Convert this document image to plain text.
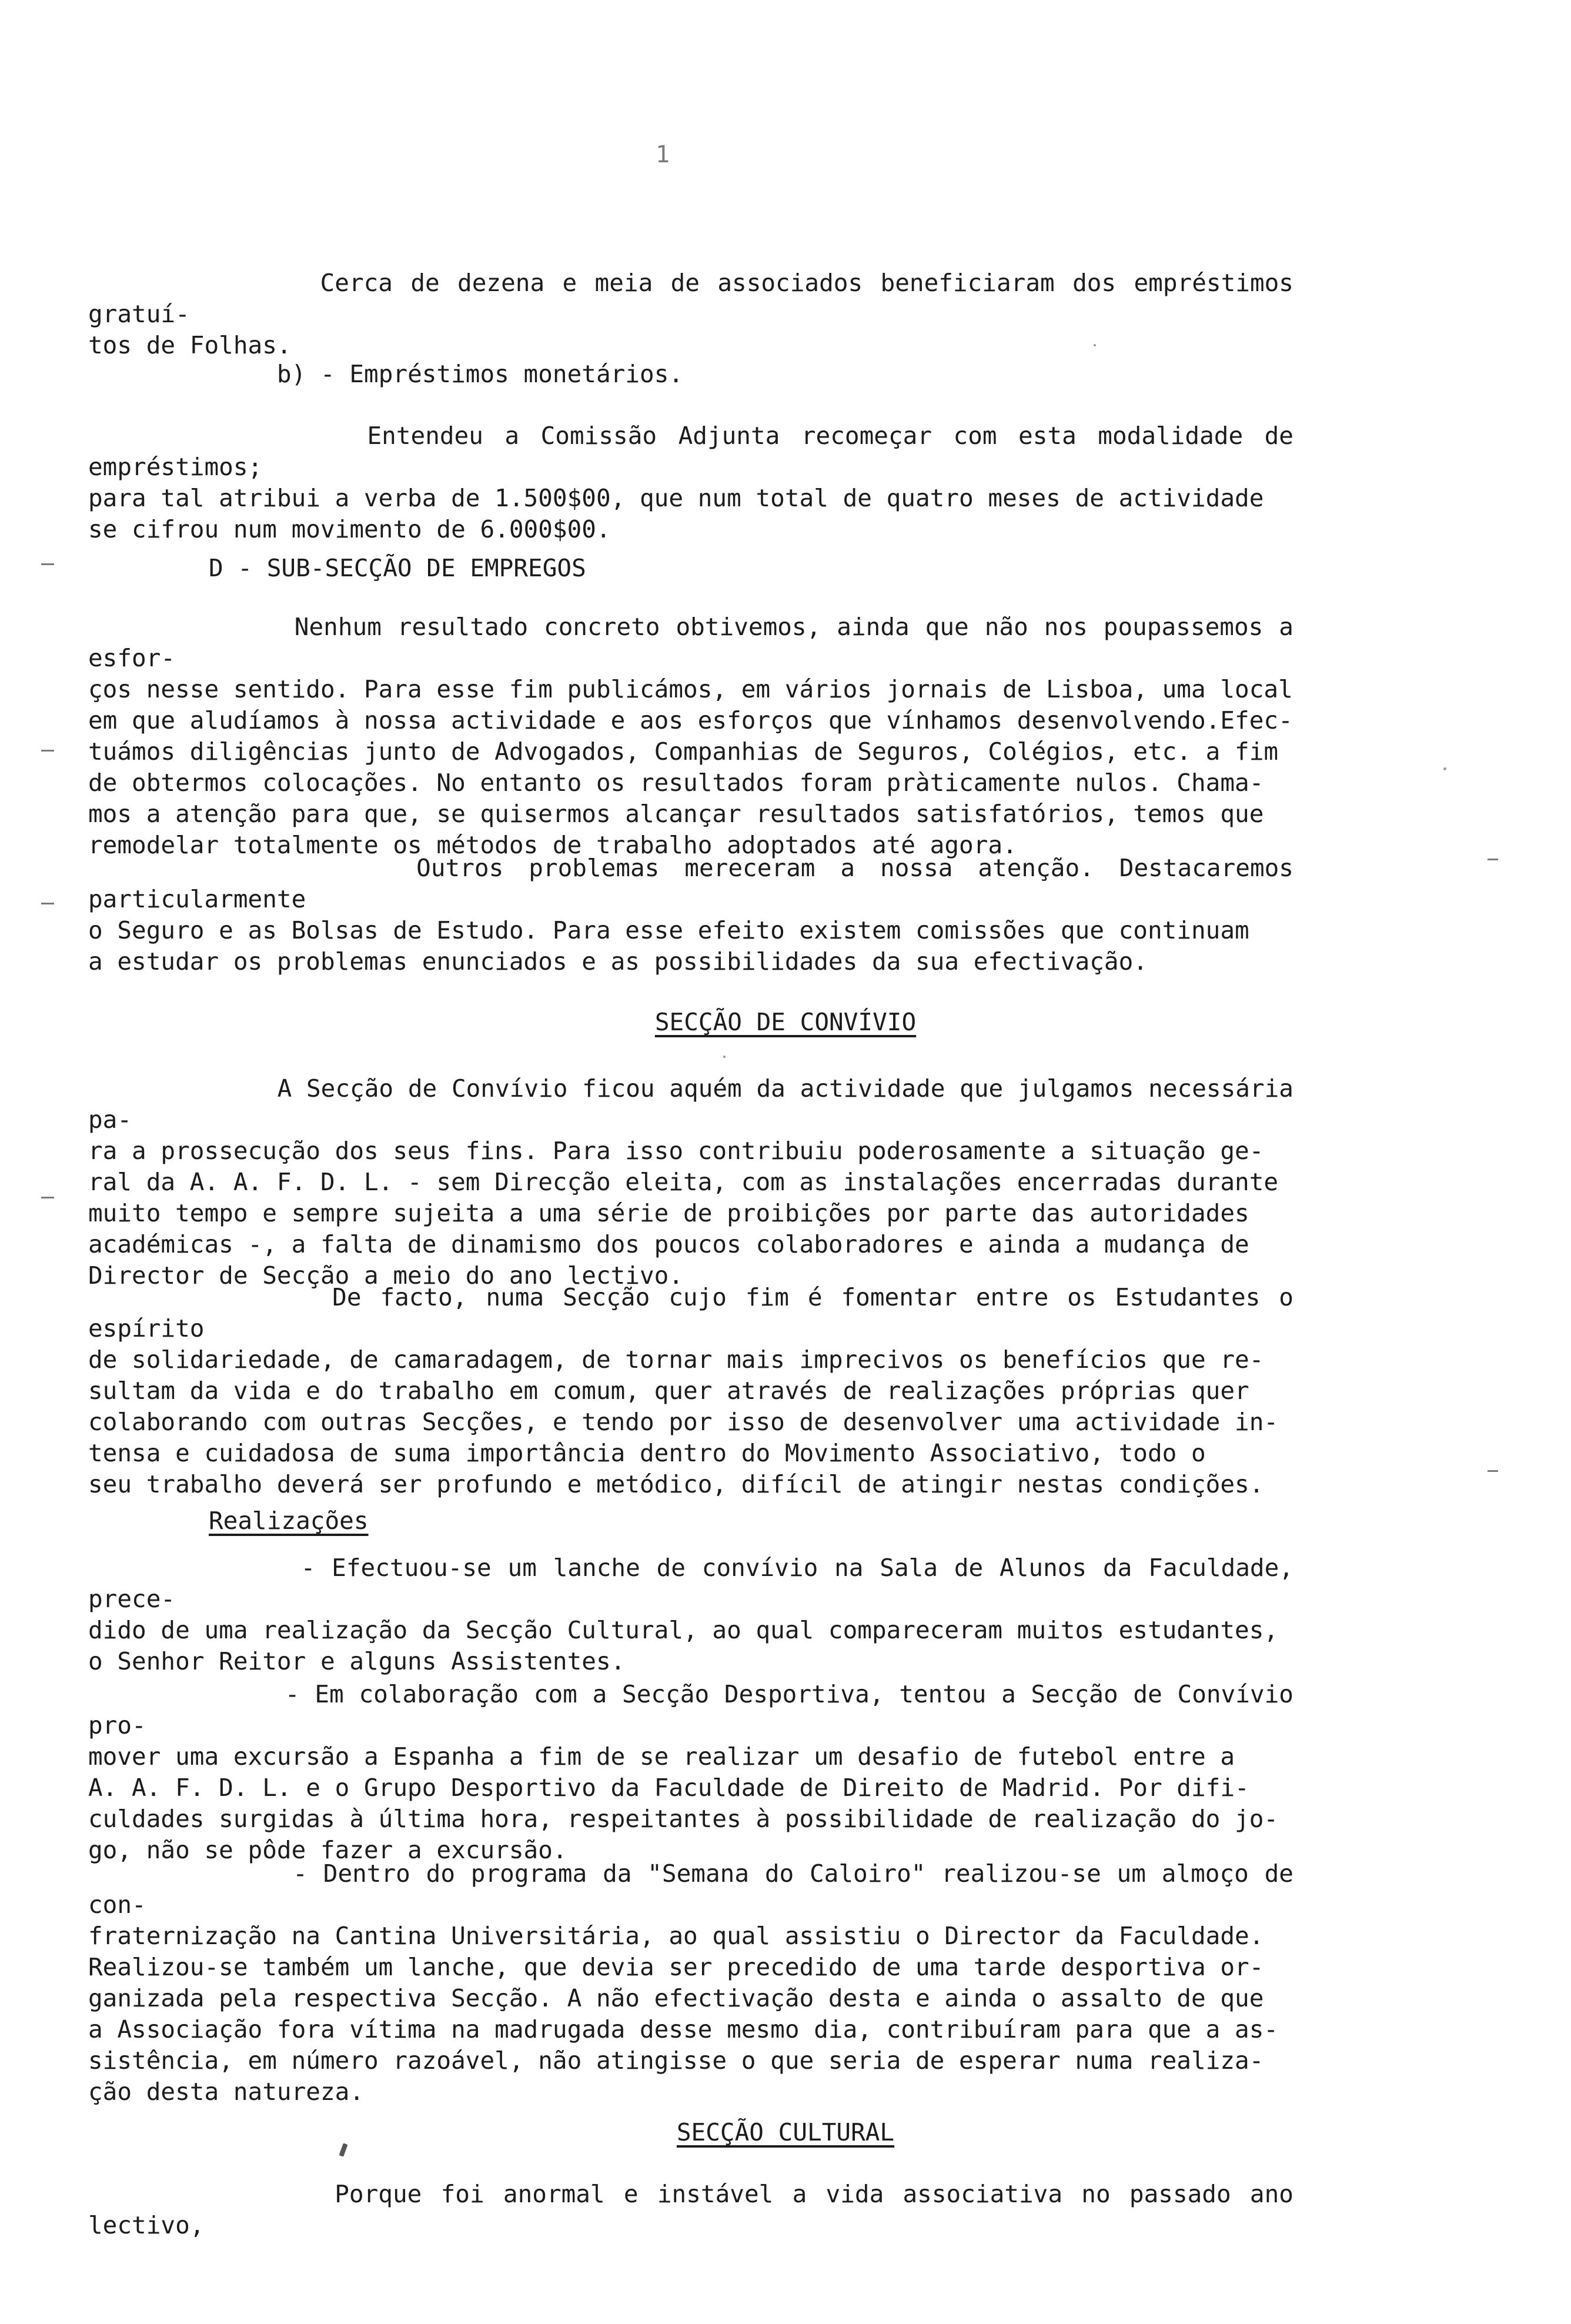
1

Cerca de dezena e meia de associados beneficiaram dos empréstimos gratuí-
tos de Folhas.

b) - Empréstimos monetários.

Entendeu a Comissão Adjunta recomeçar com esta modalidade de empréstimos;
para tal atribui a verba de 1.500$00, que num total de quatro meses de actividade
se cifrou num movimento de 6.000$00.

D - SUB-SECÇÃO DE EMPREGOS

Nenhum resultado concreto obtivemos, ainda que não nos poupassemos a esfor-
ços nesse sentido. Para esse fim publicámos, em vários jornais de Lisboa, uma local
em que aludíamos à nossa actividade e aos esforços que vínhamos desenvolvendo.Efec-
tuámos diligências junto de Advogados, Companhias de Seguros, Colégios, etc. a fim
de obtermos colocações. No entanto os resultados foram pràticamente nulos. Chama-
mos a atenção para que, se quisermos alcançar resultados satisfatórios, temos que
remodelar totalmente os métodos de trabalho adoptados até agora.

Outros problemas mereceram a nossa atenção. Destacaremos particularmente
o Seguro e as Bolsas de Estudo. Para esse efeito existem comissões que continuam
a estudar os problemas enunciados e as possibilidades da sua efectivação.

SECÇÃO DE CONVÍVIO

A Secção de Convívio ficou aquém da actividade que julgamos necessária pa-
ra a prossecução dos seus fins. Para isso contribuiu poderosamente a situação ge-
ral da A. A. F. D. L. - sem Direcção eleita, com as instalações encerradas durante
muito tempo e sempre sujeita a uma série de proibições por parte das autoridades
académicas -, a falta de dinamismo dos poucos colaboradores e ainda a mudança de
Director de Secção a meio do ano lectivo.

De facto, numa Secção cujo fim é fomentar entre os Estudantes o espírito
de solidariedade, de camaradagem, de tornar mais imprecivos os benefícios que re-
sultam da vida e do trabalho em comum, quer através de realizações próprias quer
colaborando com outras Secções, e tendo por isso de desenvolver uma actividade in-
tensa e cuidadosa de suma importância dentro do Movimento Associativo, todo o
seu trabalho deverá ser profundo e metódico, difícil de atingir nestas condições.

Realizações

- Efectuou-se um lanche de convívio na Sala de Alunos da Faculdade, prece-
dido de uma realização da Secção Cultural, ao qual compareceram muitos estudantes,
o Senhor Reitor e alguns Assistentes.

- Em colaboração com a Secção Desportiva, tentou a Secção de Convívio pro-
mover uma excursão a Espanha a fim de se realizar um desafio de futebol entre a
A. A. F. D. L. e o Grupo Desportivo da Faculdade de Direito de Madrid. Por difi-
culdades surgidas à última hora, respeitantes à possibilidade de realização do jo-
go, não se pôde fazer a excursão.

- Dentro do programa da "Semana do Caloiro" realizou-se um almoço de con-
fraternização na Cantina Universitária, ao qual assistiu o Director da Faculdade.
Realizou-se também um lanche, que devia ser precedido de uma tarde desportiva or-
ganizada pela respectiva Secção. A não efectivação desta e ainda o assalto de que
a Associação fora vítima na madrugada desse mesmo dia, contribuíram para que a as-
sistência, em número razoável, não atingisse o que seria de esperar numa realiza-
ção desta natureza.

SECÇÃO CULTURAL

Porque foi anormal e instável a vida associativa no passado ano lectivo,
